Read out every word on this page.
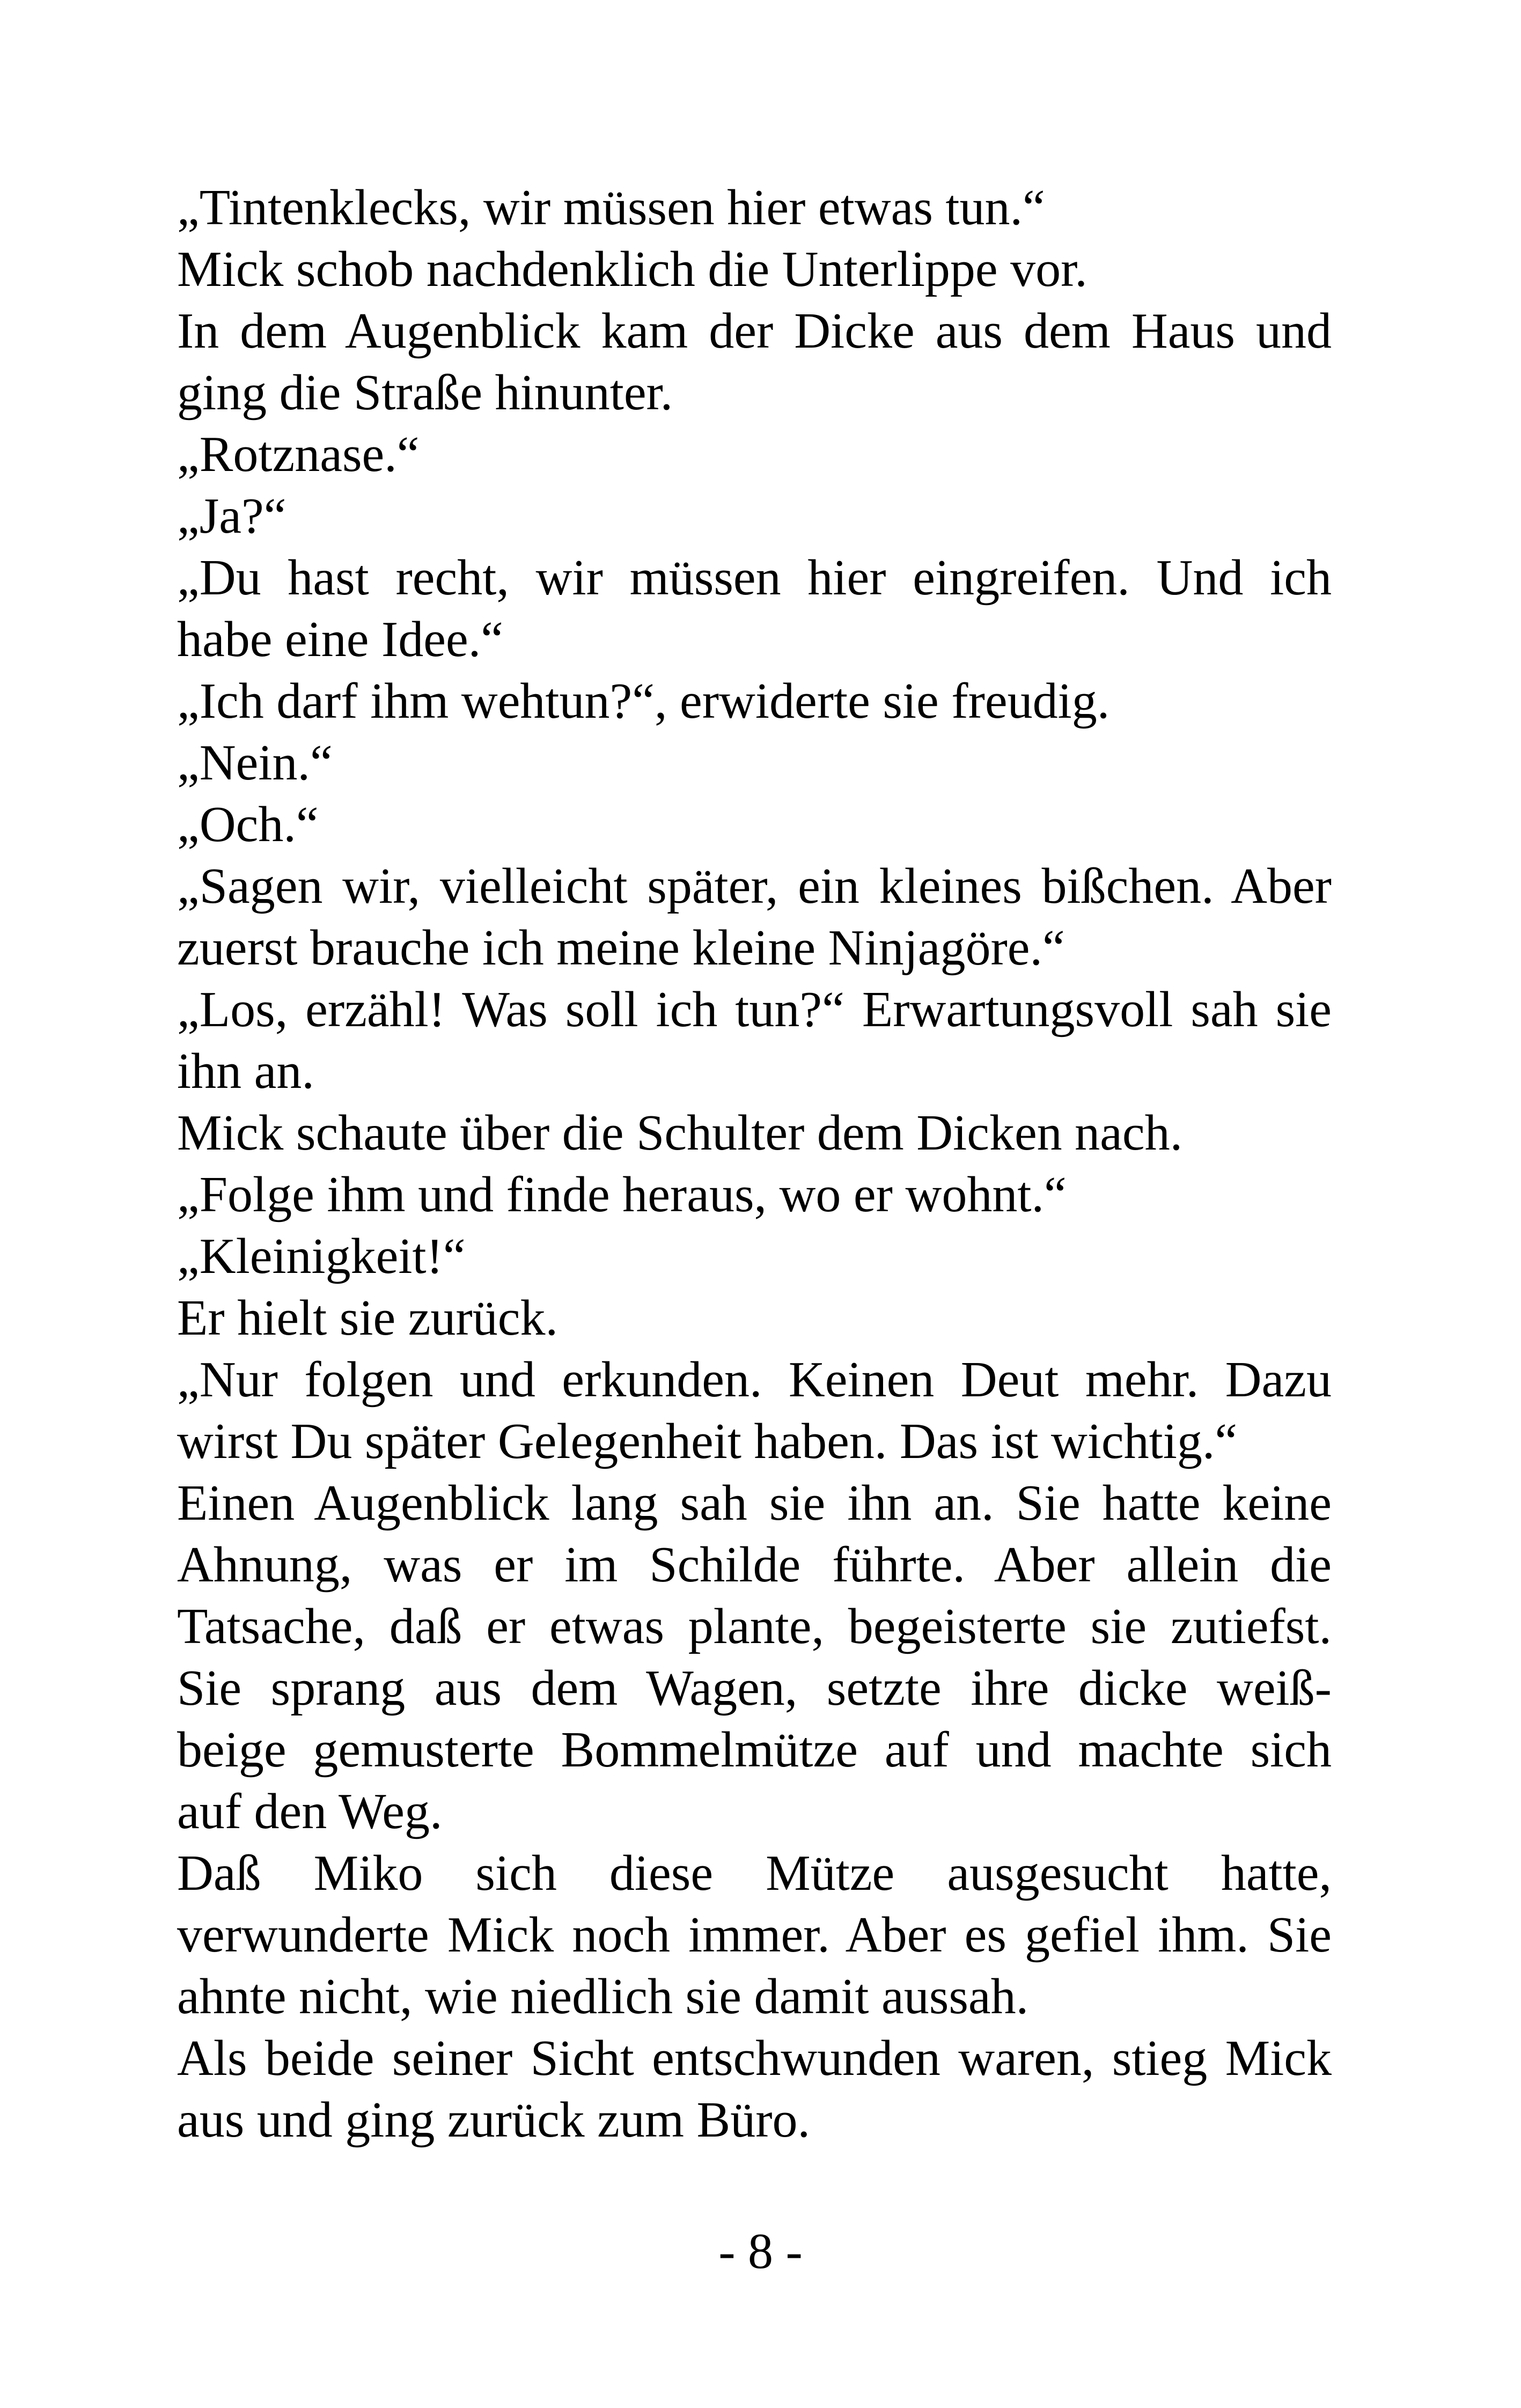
„Tintenklecks, wir müssen hier etwas tun.“
Mick schob nachdenklich die Unterlippe vor.
In dem Augenblick kam der Dicke aus dem Haus und
ging die Straße hinunter.
„Rotznase.“
„Ja?“
„Du hast recht, wir müssen hier eingreifen. Und ich
habe eine Idee.“
„Ich darf ihm wehtun?“, erwiderte sie freudig.
„Nein.“
„Och.“
„Sagen wir, vielleicht später, ein kleines bißchen. Aber
zuerst brauche ich meine kleine Ninjagöre.“
„Los, erzähl! Was soll ich tun?“ Erwartungsvoll sah sie
ihn an.
Mick schaute über die Schulter dem Dicken nach.
„Folge ihm und finde heraus, wo er wohnt.“
„Kleinigkeit!“
Er hielt sie zurück.
„Nur folgen und erkunden. Keinen Deut mehr. Dazu
wirst Du später Gelegenheit haben. Das ist wichtig.“
Einen Augenblick lang sah sie ihn an. Sie hatte keine
Ahnung, was er im Schilde führte. Aber allein die
Tatsache, daß er etwas plante, begeisterte sie zutiefst.
Sie sprang aus dem Wagen, setzte ihre dicke weiß-
beige gemusterte Bommelmütze auf und machte sich
auf den Weg.
Daß Miko sich diese Mütze ausgesucht hatte,
verwunderte Mick noch immer. Aber es gefiel ihm. Sie
ahnte nicht, wie niedlich sie damit aussah.
Als beide seiner Sicht entschwunden waren, stieg Mick
aus und ging zurück zum Büro.
- 8 -
